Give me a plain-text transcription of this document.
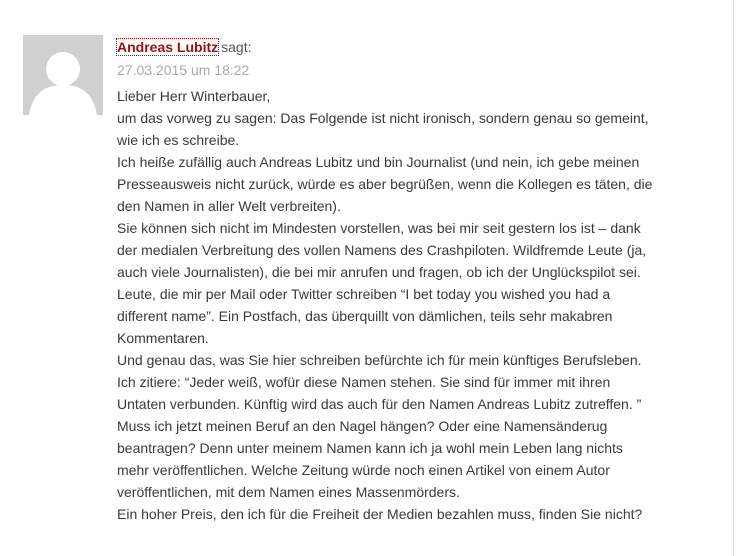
Andreas Lubitz sagt:
27.03.2015 um 18:22
Lieber Herr Winterbauer,
um das vorweg zu sagen: Das Folgende ist nicht ironisch, sondern genau so gemeint,
wie ich es schreibe.
Ich heiße zufällig auch Andreas Lubitz und bin Journalist (und nein, ich gebe meinen
Presseausweis nicht zurück, würde es aber begrüßen, wenn die Kollegen es täten, die
den Namen in aller Welt verbreiten).
Sie können sich nicht im Mindesten vorstellen, was bei mir seit gestern los ist – dank
der medialen Verbreitung des vollen Namens des Crashpiloten. Wildfremde Leute (ja,
auch viele Journalisten), die bei mir anrufen und fragen, ob ich der Unglückspilot sei.
Leute, die mir per Mail oder Twitter schreiben “I bet today you wished you had a
different name”. Ein Postfach, das überquillt von dämlichen, teils sehr makabren
Kommentaren.
Und genau das, was Sie hier schreiben befürchte ich für mein künftiges Berufsleben.
Ich zitiere: “Jeder weiß, wofür diese Namen stehen. Sie sind für immer mit ihren
Untaten verbunden. Künftig wird das auch für den Namen Andreas Lubitz zutreffen. ”
Muss ich jetzt meinen Beruf an den Nagel hängen? Oder eine Namensänderug
beantragen? Denn unter meinem Namen kann ich ja wohl mein Leben lang nichts
mehr veröffentlichen. Welche Zeitung würde noch einen Artikel von einem Autor
veröffentlichen, mit dem Namen eines Massenmörders.
Ein hoher Preis, den ich für die Freiheit der Medien bezahlen muss, finden Sie nicht?
